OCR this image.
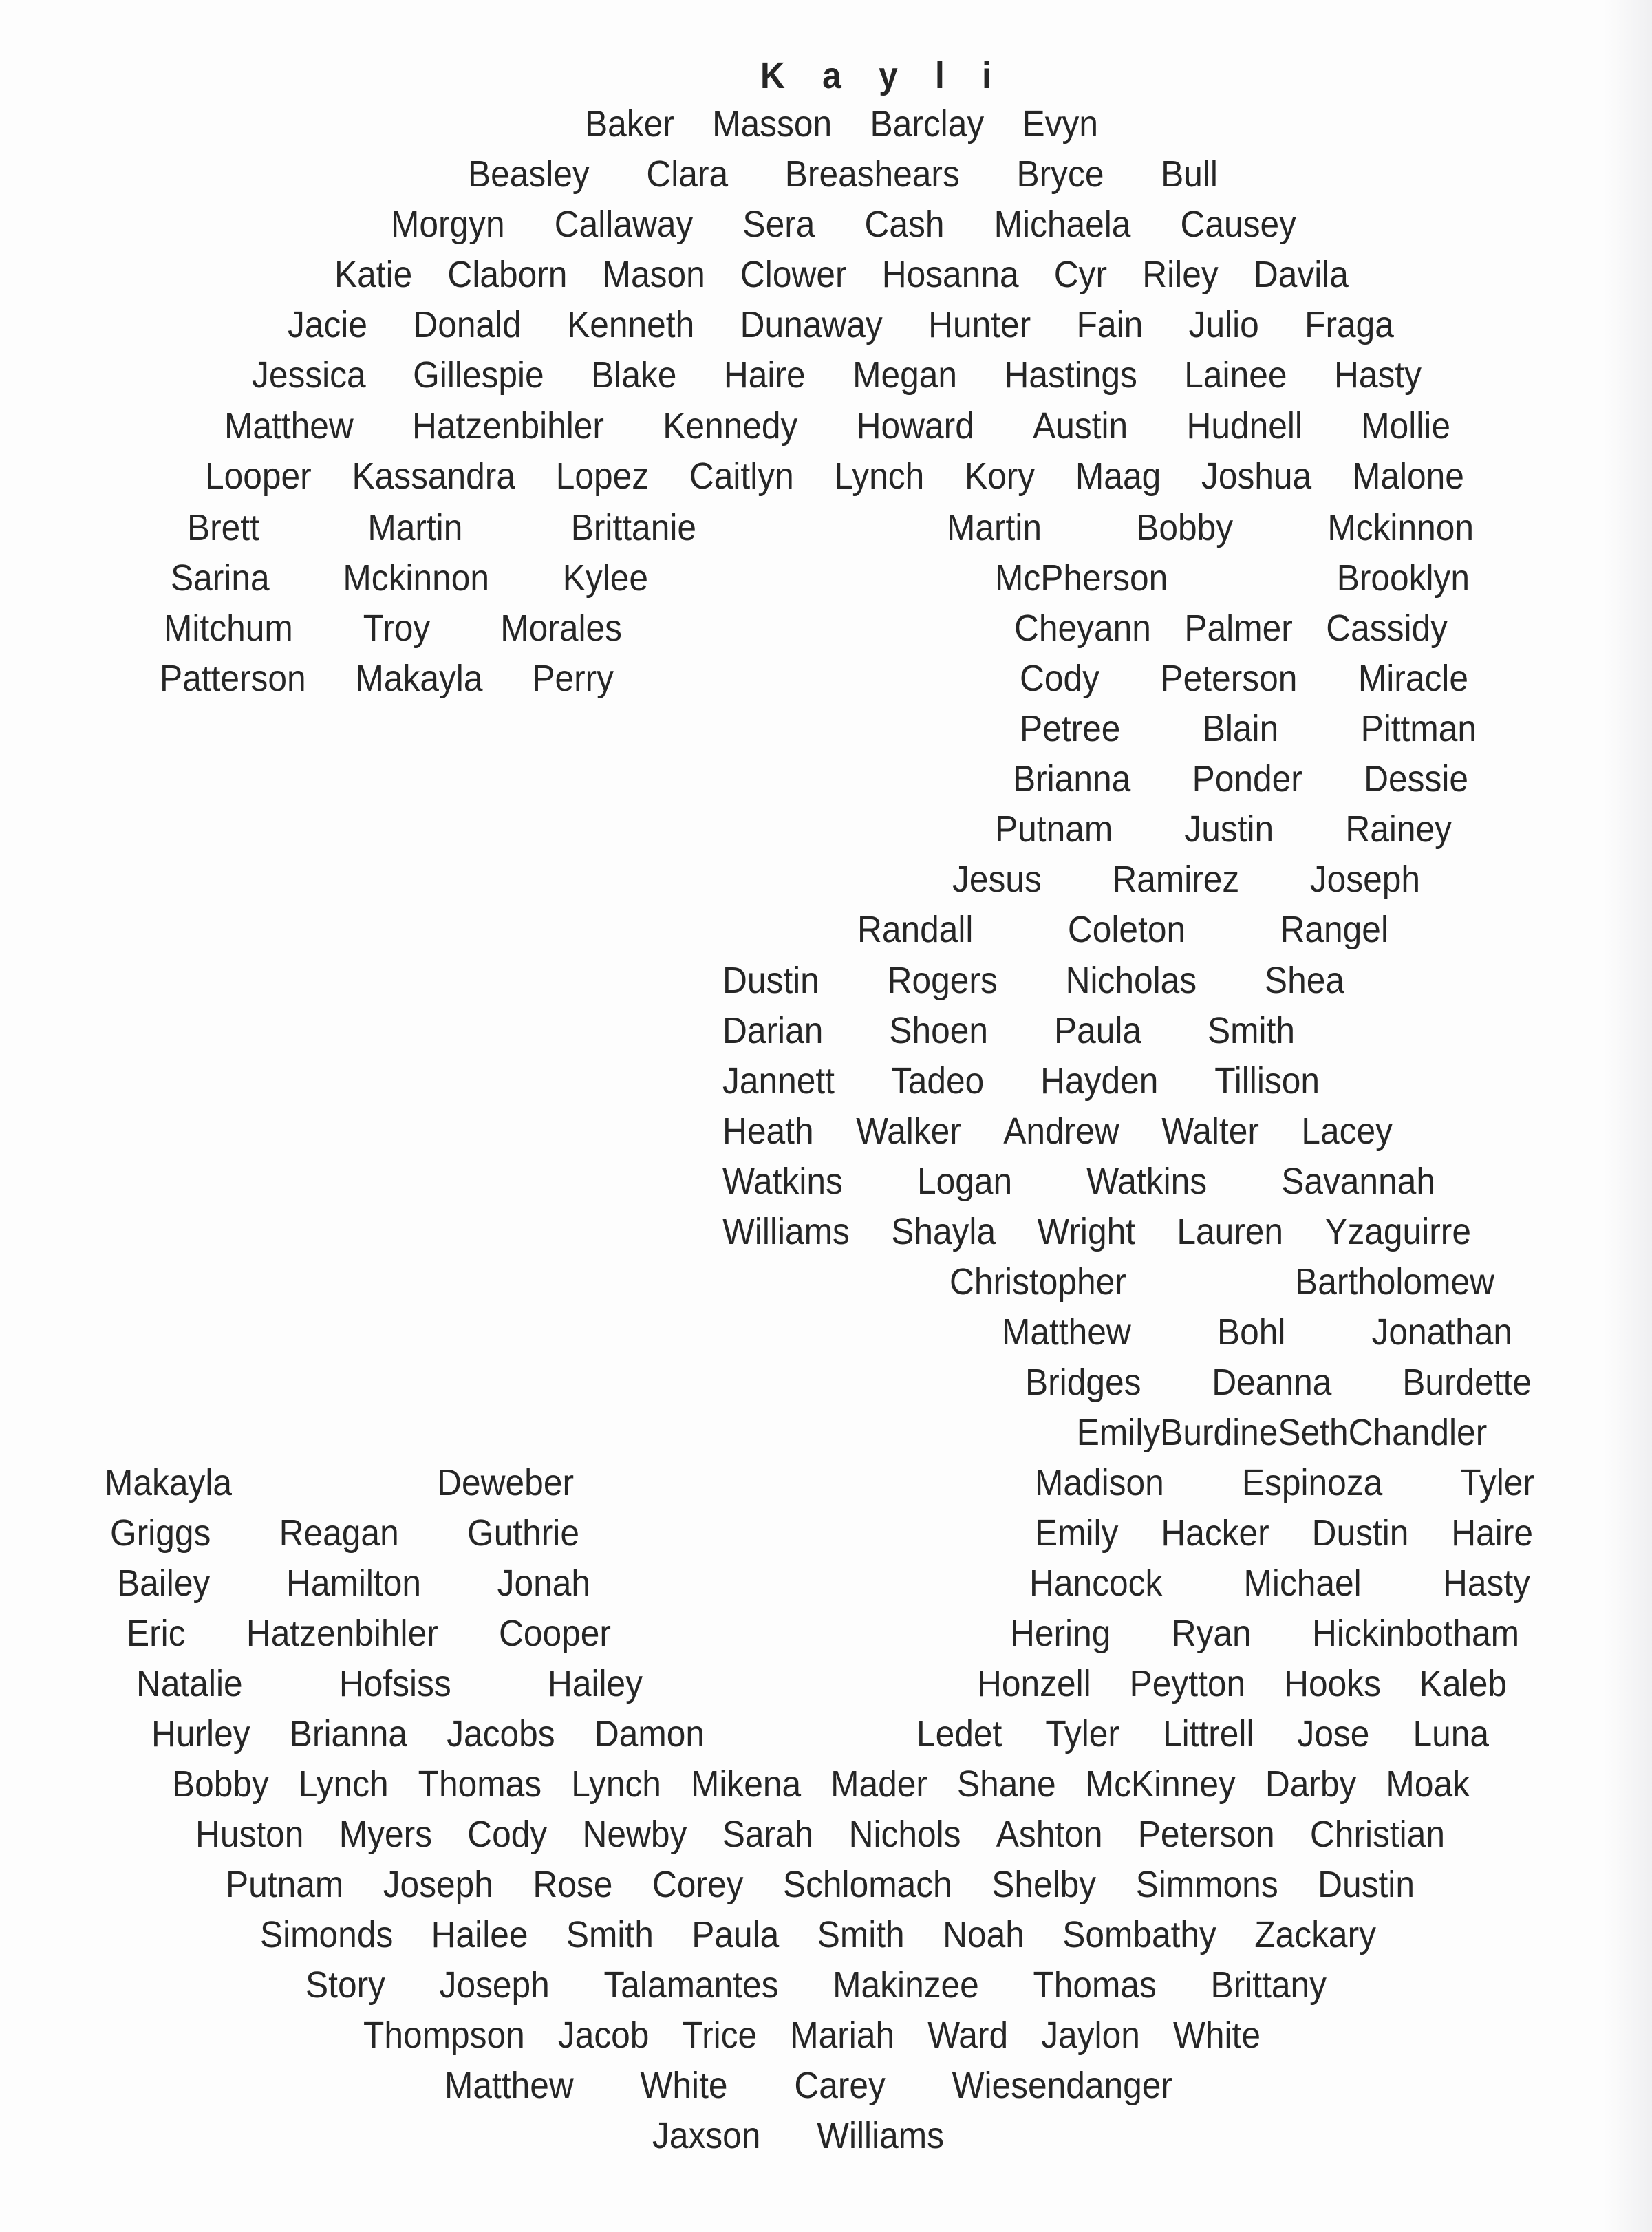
K a y l i
Baker Masson Barclay Evyn
Beasley Clara Breashears Bryce Bull
Morgyn Callaway Sera Cash Michaela Causey
Katie Claborn Mason Clower Hosanna Cyr Riley Davila
Jacie Donald Kenneth Dunaway Hunter Fain Julio Fraga
Jessica Gillespie Blake Haire Megan Hastings Lainee Hasty
Matthew Hatzenbihler Kennedy Howard Austin Hudnell Mollie
Looper Kassandra Lopez Caitlyn Lynch Kory Maag Joshua Malone
Brett	Martin	Brittanie	Martin	Bobby	Mckinnon
Sarina Mckinnon Kylee	McPherson	Brooklyn
Mitchum Troy Morales	Cheyann Palmer Cassidy
Patterson Makayla Perry	Cody Peterson Miracle
Petree Blain Pittman
Brianna Ponder Dessie
Putnam Justin Rainey
Jesus Ramirez Joseph
Randall	Coleton	Rangel
Dustin Rogers Nicholas Shea
Darian Shoen Paula Smith
Jannett Tadeo Hayden Tillison
Heath Walker Andrew Walter Lacey
Watkins Logan Watkins Savannah
Williams Shayla Wright Lauren Yzaguirre
Christopher	Bartholomew
Matthew Bohl Jonathan
Bridges Deanna Burdette
EmilyBurdineSethChandler
Makayla	Deweber	Madison Espinoza Tyler
Griggs Reagan Guthrie	Emily Hacker Dustin Haire
Bailey Hamilton Jonah	Hancock Michael Hasty
Eric Hatzenbihler Cooper	Hering Ryan Hickinbotham
Natalie	Hofsiss	Hailey	Honzell Peytton Hooks Kaleb
Hurley Brianna Jacobs Damon	Ledet Tyler Littrell Jose Luna
Bobby Lynch Thomas Lynch Mikena Mader Shane McKinney Darby Moak
Huston Myers Cody Newby Sarah Nichols Ashton Peterson Christian
Putnam Joseph Rose Corey Schlomach Shelby Simmons Dustin
Simonds Hailee Smith Paula Smith Noah Sombathy Zackary
Story Joseph Talamantes Makinzee Thomas Brittany
Thompson Jacob Trice Mariah Ward Jaylon White
Matthew White Carey Wiesendanger
Jaxson Williams
